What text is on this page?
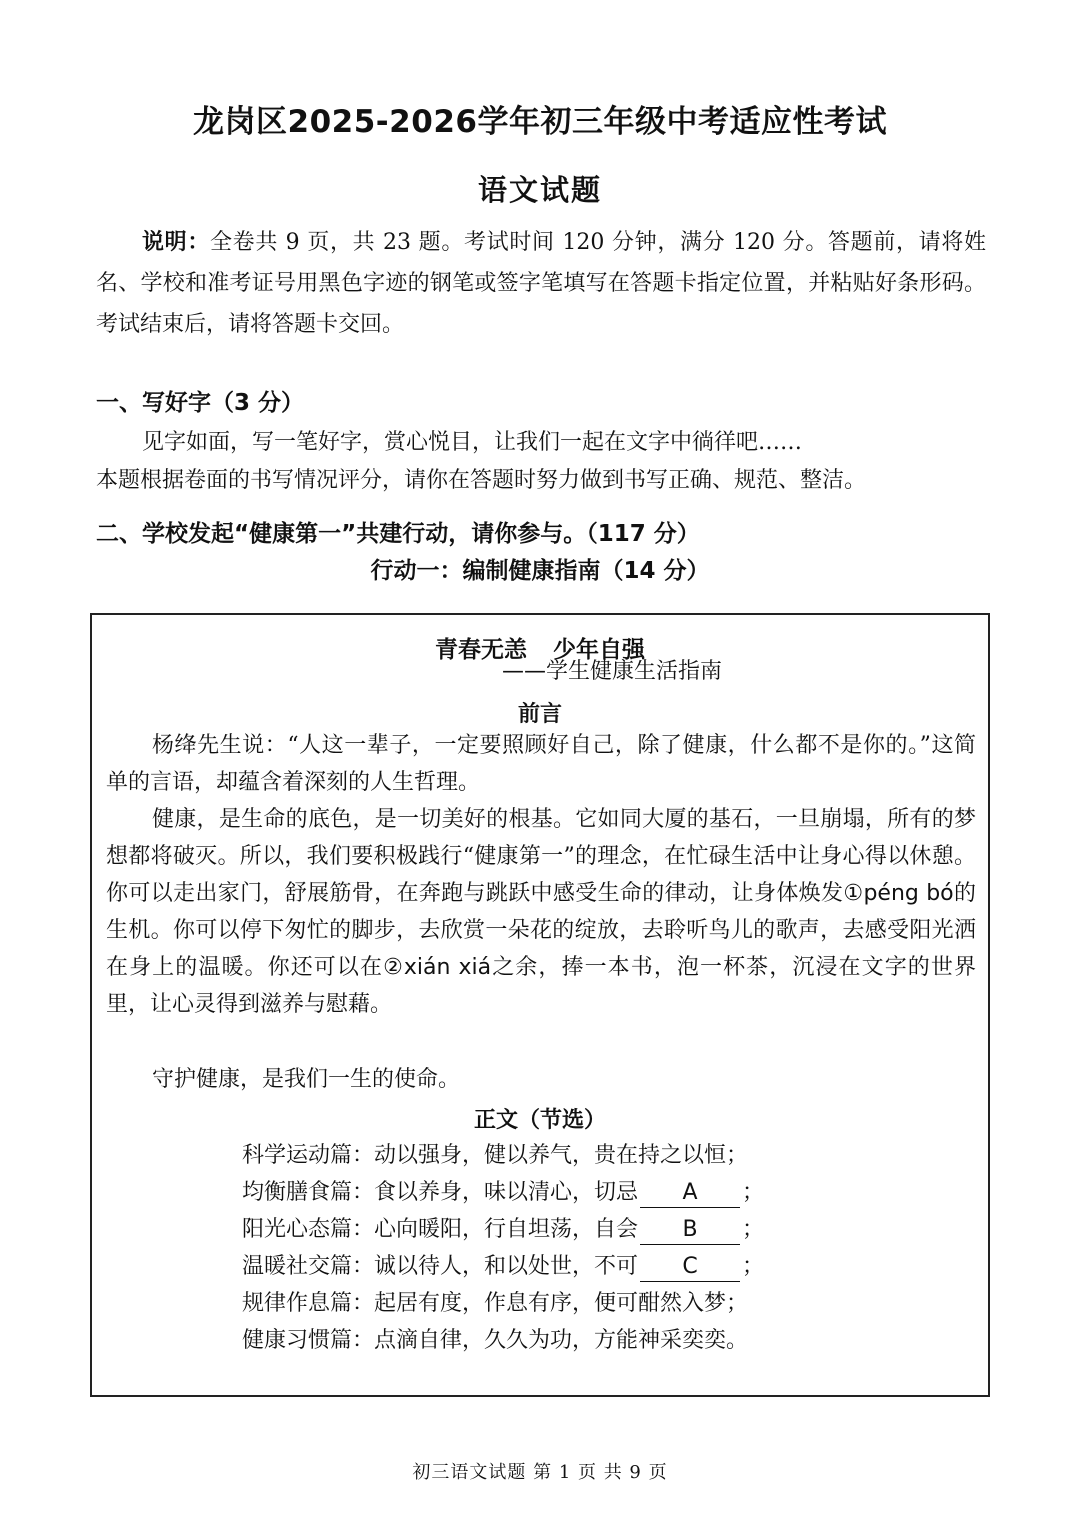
龙岗区2025-2026学年初三年级中考适应性考试
语文试题
说明：全卷共 9 页，共 23 题。考试时间 120 分钟，满分 120 分。答题前，请将姓名、学校和准考证号用黑色字迹的钢笔或签字笔填写在答题卡指定位置，并粘贴好条形码。考试结束后，请将答题卡交回。
一、写好字（3 分）
见字如面，写一笔好字，赏心悦目，让我们一起在文字中徜徉吧……
本题根据卷面的书写情况评分，请你在答题时努力做到书写正确、规范、整洁。
二、学校发起“健康第一”共建行动，请你参与。（117 分）
行动一：编制健康指南（14 分）
青春无恙 少年自强
——学生健康生活指南
前言
杨绛先生说：“人这一辈子，一定要照顾好自己，除了健康，什么都不是你的。”这简单的言语，却蕴含着深刻的人生哲理。
健康，是生命的底色，是一切美好的根基。它如同大厦的基石，一旦崩塌，所有的梦想都将破灭。所以，我们要积极践行“健康第一”的理念，在忙碌生活中让身心得以休憩。你可以走出家门，舒展筋骨，在奔跑与跳跃中感受生命的律动，让身体焕发①péng bó的生机。你可以停下匆忙的脚步，去欣赏一朵花的绽放，去聆听鸟儿的歌声，去感受阳光洒在身上的温暖。你还可以在②xián xiá之余，捧一本书，泡一杯茶，沉浸在文字的世界里，让心灵得到滋养与慰藉。
守护健康，是我们一生的使命。
正文（节选）
科学运动篇：动以强身，健以养气，贵在持之以恒；
均衡膳食篇：食以养身，味以清心，切忌 A ；
阳光心态篇：心向暖阳，行自坦荡，自会 B ；
温暖社交篇：诚以待人，和以处世，不可 C ；
规律作息篇：起居有度，作息有序，便可酣然入梦；
健康习惯篇：点滴自律，久久为功，方能神采奕奕。
初三语文试题 第 1 页 共 9 页
